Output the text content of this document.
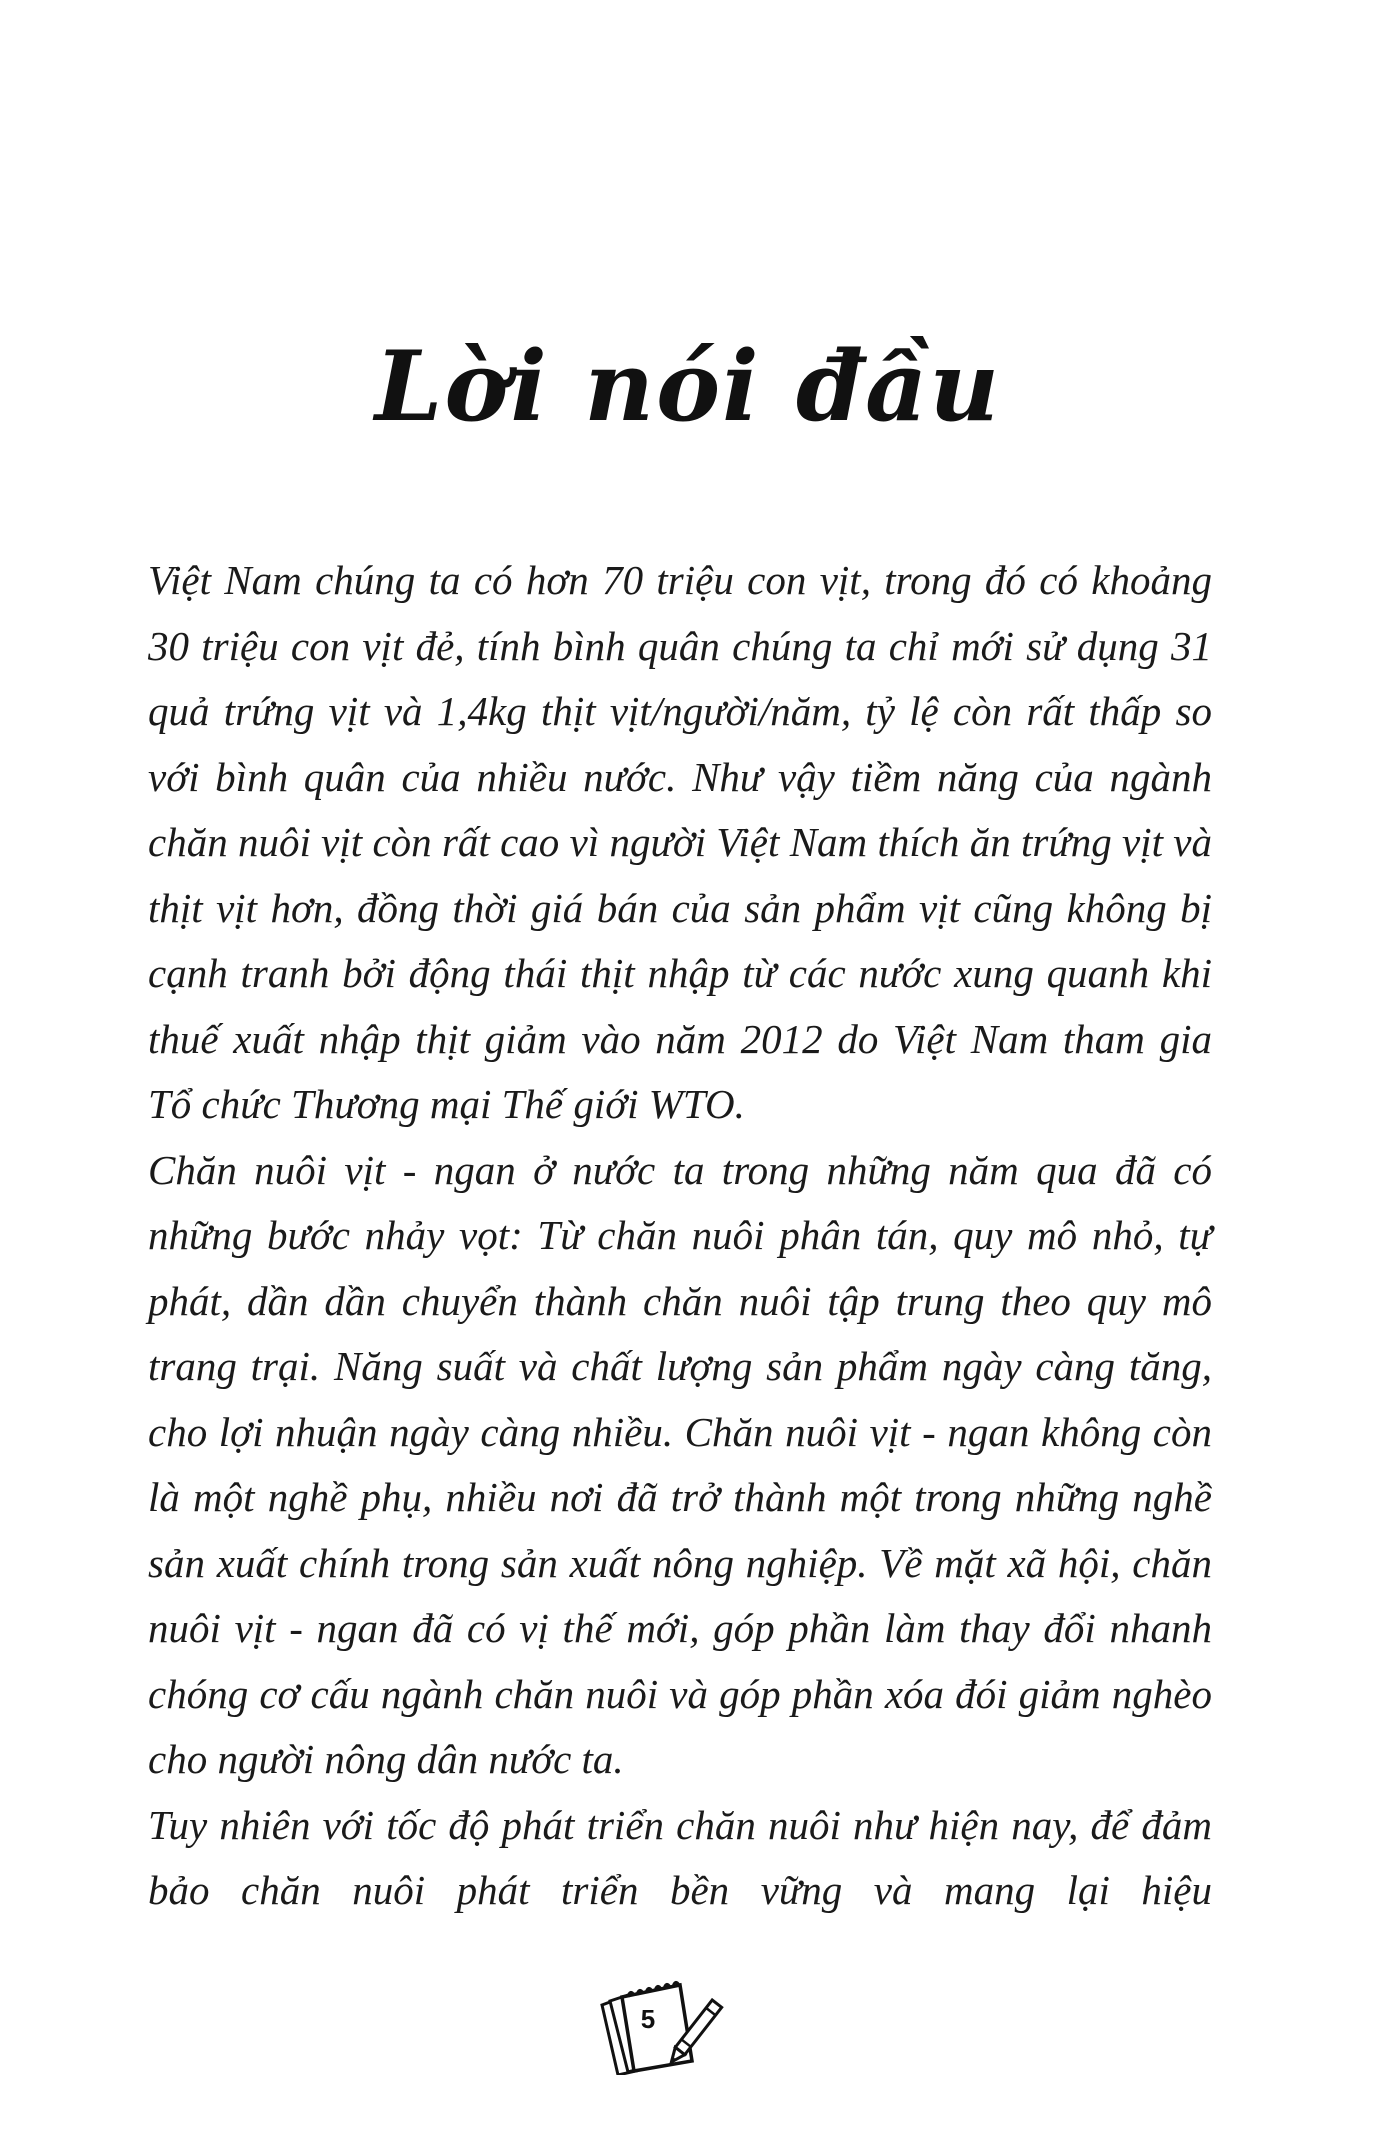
Lời nói đầu

Việt Nam chúng ta có hơn 70 triệu con vịt, trong đó có khoảng 30 triệu con vịt đẻ, tính bình quân chúng ta chỉ mới sử dụng 31 quả trứng vịt và 1,4kg thịt vịt/người/năm, tỷ lệ còn rất thấp so với bình quân của nhiều nước. Như vậy tiềm năng của ngành chăn nuôi vịt còn rất cao vì người Việt Nam thích ăn trứng vịt và thịt vịt hơn, đồng thời giá bán của sản phẩm vịt cũng không bị cạnh tranh bởi động thái thịt nhập từ các nước xung quanh khi thuế xuất nhập thịt giảm vào năm 2012 do Việt Nam tham gia Tổ chức Thương mại Thế giới WTO.

Chăn nuôi vịt - ngan ở nước ta trong những năm qua đã có những bước nhảy vọt: Từ chăn nuôi phân tán, quy mô nhỏ, tự phát, dần dần chuyển thành chăn nuôi tập trung theo quy mô trang trại. Năng suất và chất lượng sản phẩm ngày càng tăng, cho lợi nhuận ngày càng nhiều. Chăn nuôi vịt - ngan không còn là một nghề phụ, nhiều nơi đã trở thành một trong những nghề sản xuất chính trong sản xuất nông nghiệp. Về mặt xã hội, chăn nuôi vịt - ngan đã có vị thế mới, góp phần làm thay đổi nhanh chóng cơ cấu ngành chăn nuôi và góp phần xóa đói giảm nghèo cho người nông dân nước ta.

Tuy nhiên với tốc độ phát triển chăn nuôi như hiện nay, để đảm bảo chăn nuôi phát triển bền vững và mang lại hiệu

5
